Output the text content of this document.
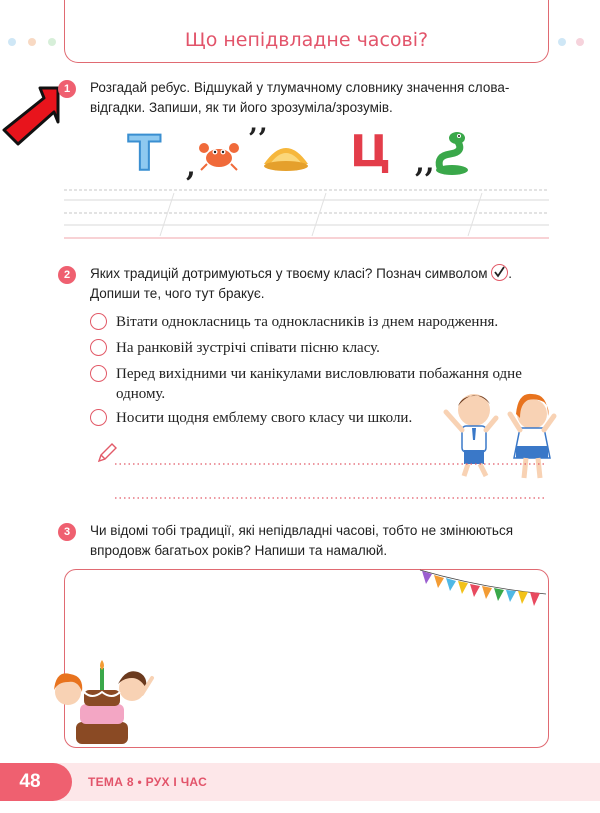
Що непідвладне часові?
1	Розгадай ребус. Відшукай у тлумачному словнику значення слова-відгадки. Запиши, як ти його зрозуміла/зрозумів.
Т ,
’’ Ц ,,
2	Яких традицій дотримуються у твоєму класі? Познач символом . Допиши те, чого тут бракує.
Вітати однокласниць та однокласників із днем народження.
На ранковій зустрічі співати пісню класу.
Перед вихідними чи канікулами висловлювати побажання одне одному.
Носити щодня емблему свого класу чи школи.
3	Чи відомі тобі традиції, які непідвладні часові, тобто не змінюються впродовж багатьох років? Напиши та намалюй.
48	ТЕМА 8 • РУХ І ЧАС
